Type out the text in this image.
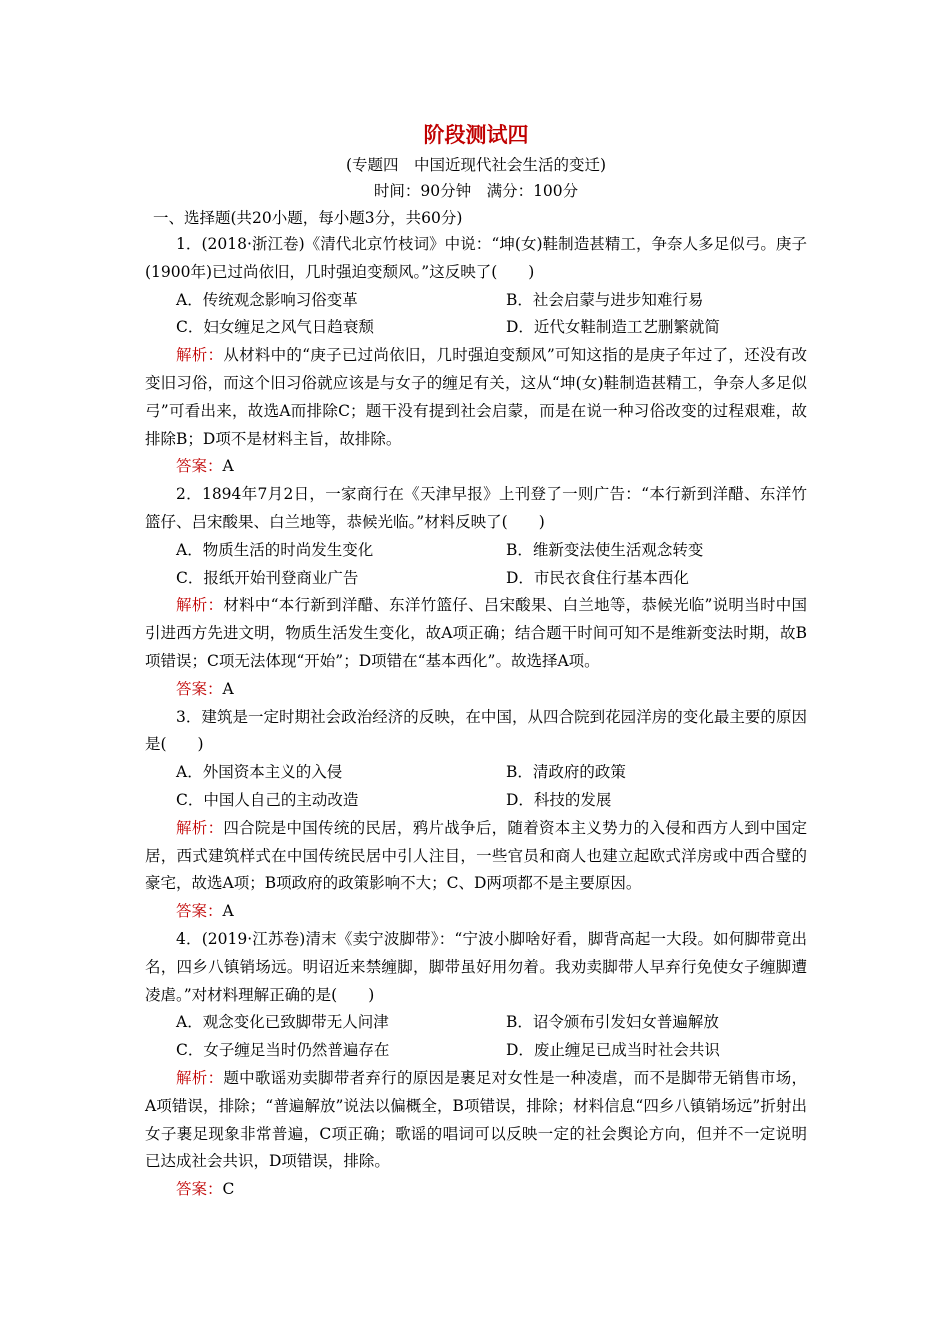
阶段测试四
(专题四　中国近现代社会生活的变迁)
时间：90分钟　满分：100分
一、选择题(共20小题，每小题3分，共60分)

1．(2018·浙江卷)《清代北京竹枝词》中说：“坤(女)鞋制造甚精工，争奈人多足似弓。庚子(1900年)已过尚依旧，几时强迫变颓风。”这反映了(　　)

A．传统观念影响习俗变革	B．社会启蒙与进步知难行易
C．妇女缠足之风气日趋衰颓	D．近代女鞋制造工艺删繁就简

解析：从材料中的“庚子已过尚依旧，几时强迫变颓风”可知这指的是庚子年过了，还没有改变旧习俗，而这个旧习俗就应该是与女子的缠足有关，这从“坤(女)鞋制造甚精工，争奈人多足似弓”可看出来，故选A而排除C；题干没有提到社会启蒙，而是在说一种习俗改变的过程艰难，故排除B；D项不是材料主旨，故排除。

答案：A

2．1894年7月2日，一家商行在《天津早报》上刊登了一则广告：“本行新到洋醋、东洋竹篮仔、吕宋酸果、白兰地等，恭候光临。”材料反映了(　　)

A．物质生活的时尚发生变化	B．维新变法使生活观念转变
C．报纸开始刊登商业广告	D．市民衣食住行基本西化

解析：材料中“本行新到洋醋、东洋竹篮仔、吕宋酸果、白兰地等，恭候光临”说明当时中国引进西方先进文明，物质生活发生变化，故A项正确；结合题干时间可知不是维新变法时期，故B项错误；C项无法体现“开始”；D项错在“基本西化”。故选择A项。

答案：A

3．建筑是一定时期社会政治经济的反映，在中国，从四合院到花园洋房的变化最主要的原因是(　　)

A．外国资本主义的入侵	B．清政府的政策
C．中国人自己的主动改造	D．科技的发展

解析：四合院是中国传统的民居，鸦片战争后，随着资本主义势力的入侵和西方人到中国定居，西式建筑样式在中国传统民居中引人注目，一些官员和商人也建立起欧式洋房或中西合璧的豪宅，故选A项；B项政府的政策影响不大；C、D两项都不是主要原因。

答案：A

4．(2019·江苏卷)清末《卖宁波脚带》：“宁波小脚啥好看，脚背高起一大段。如何脚带竟出名，四乡八镇销场远。明诏近来禁缠脚，脚带虽好用勿着。我劝卖脚带人早弃行免使女子缠脚遭凌虐。”对材料理解正确的是(　　)

A．观念变化已致脚带无人问津	B．诏令颁布引发妇女普遍解放
C．女子缠足当时仍然普遍存在	D．废止缠足已成当时社会共识

解析：题中歌谣劝卖脚带者弃行的原因是裹足对女性是一种凌虐，而不是脚带无销售市场，A项错误，排除；“普遍解放”说法以偏概全，B项错误，排除；材料信息“四乡八镇销场远”折射出女子裹足现象非常普遍，C项正确；歌谣的唱词可以反映一定的社会舆论方向，但并不一定说明已达成社会共识，D项错误，排除。

答案：C
